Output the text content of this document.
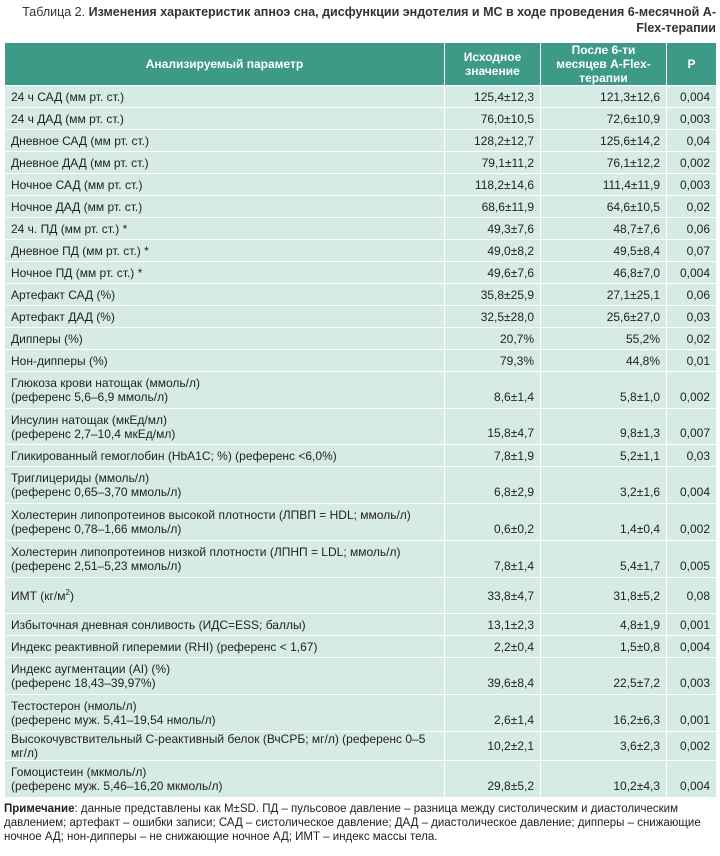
Таблица 2. Изменения характеристик апноэ сна, дисфункции эндотелия и МС в ходе проведения 6-месячной A-Flex-терапии
Анализируемый параметр	Исходное значение	После 6-ти месяцев A-Flex-терапии	Р
24 ч САД (мм рт. ст.)	125,4±12,3	121,3±12,6	0,004
24 ч ДАД (мм рт. ст.)	76,0±10,5	72,6±10,9	0,003
Дневное САД (мм рт. ст.)	128,2±12,7	125,6±14,2	0,04
Дневное ДАД (мм рт. ст.)	79,1±11,2	76,1±12,2	0,002
Ночное САД (мм рт. ст.)	118,2±14,6	111,4±11,9	0,003
Ночное ДАД (мм рт. ст.)	68,6±11,9	64,6±10,5	0,02
24 ч. ПД (мм рт. ст.) *	49,3±7,6	48,7±7,6	0,06
Дневное ПД (мм рт. ст.) *	49,0±8,2	49,5±8,4	0,07
Ночное ПД (мм рт. ст.) *	49,6±7,6	46,8±7,0	0,004
Артефакт САД (%)	35,8±25,9	27,1±25,1	0,06
Артефакт ДАД (%)	32,5±28,0	25,6±27,0	0,03
Дипперы (%)	20,7%	55,2%	0,02
Нон-дипперы (%)	79,3%	44,8%	0,01
Глюкоза крови натощак (ммоль/л)
(референс 5,6–6,9 ммоль/л)	8,6±1,4	5,8±1,0	0,002
Инсулин натощак (мкЕд/мл)
(референс 2,7–10,4 мкЕд/мл)	15,8±4,7	9,8±1,3	0,007
Гликированный гемоглобин (HbA1C; %) (референс <6,0%)	7,8±1,9	5,2±1,1	0,03
Триглицериды (ммоль/л)
(референс 0,65–3,70 ммоль/л)	6,8±2,9	3,2±1,6	0,004
Холестерин липопротеинов высокой плотности (ЛПВП = HDL; ммоль/л)
(референс 0,78–1,66 ммоль/л)	0,6±0,2	1,4±0,4	0,002
Холестерин липопротеинов низкой плотности (ЛПНП = LDL; ммоль/л)
(референс 2,51–5,23 ммоль/л)	7,8±1,4	5,4±1,7	0,005
ИМТ $(кг/м^2)$	33,8±4,7	31,8±5,2	0,08
Избыточная дневная сонливость (ИДС=ESS; баллы)	13,1±2,3	4,8±1,9	0,001
Индекс реактивной гиперемии (RHI) (референс < 1,67)	2,2±0,4	1,5±0,8	0,004
Индекс аугментации (AI) (%)
(референс 18,43–39,97%)	39,6±8,4	22,5±7,2	0,003
Тестостерон (нмоль/л)
(референс муж. 5,41–19,54 нмоль/л)	2,6±1,4	16,2±6,3	0,001
Высокочувствительный С-реактивный белок (ВчСРБ; мг/л) (референс 0–5 мг/л)	10,2±2,1	3,6±2,3	0,002
Гомоцистеин (мкмоль/л)
(референс муж. 5,46–16,20 мкмоль/л)	29,8±5,2	10,2±4,3	0,004
Примечание: данные представлены как M±SD. ПД – пульсовое давление – разница между систолическим и диастолическим давлением; артефакт – ошибки записи; САД – систолическое давление; ДАД – диастолическое давление; дипперы – снижающие ночное АД; нон-дипперы – не снижающие ночное АД; ИМТ – индекс массы тела.
